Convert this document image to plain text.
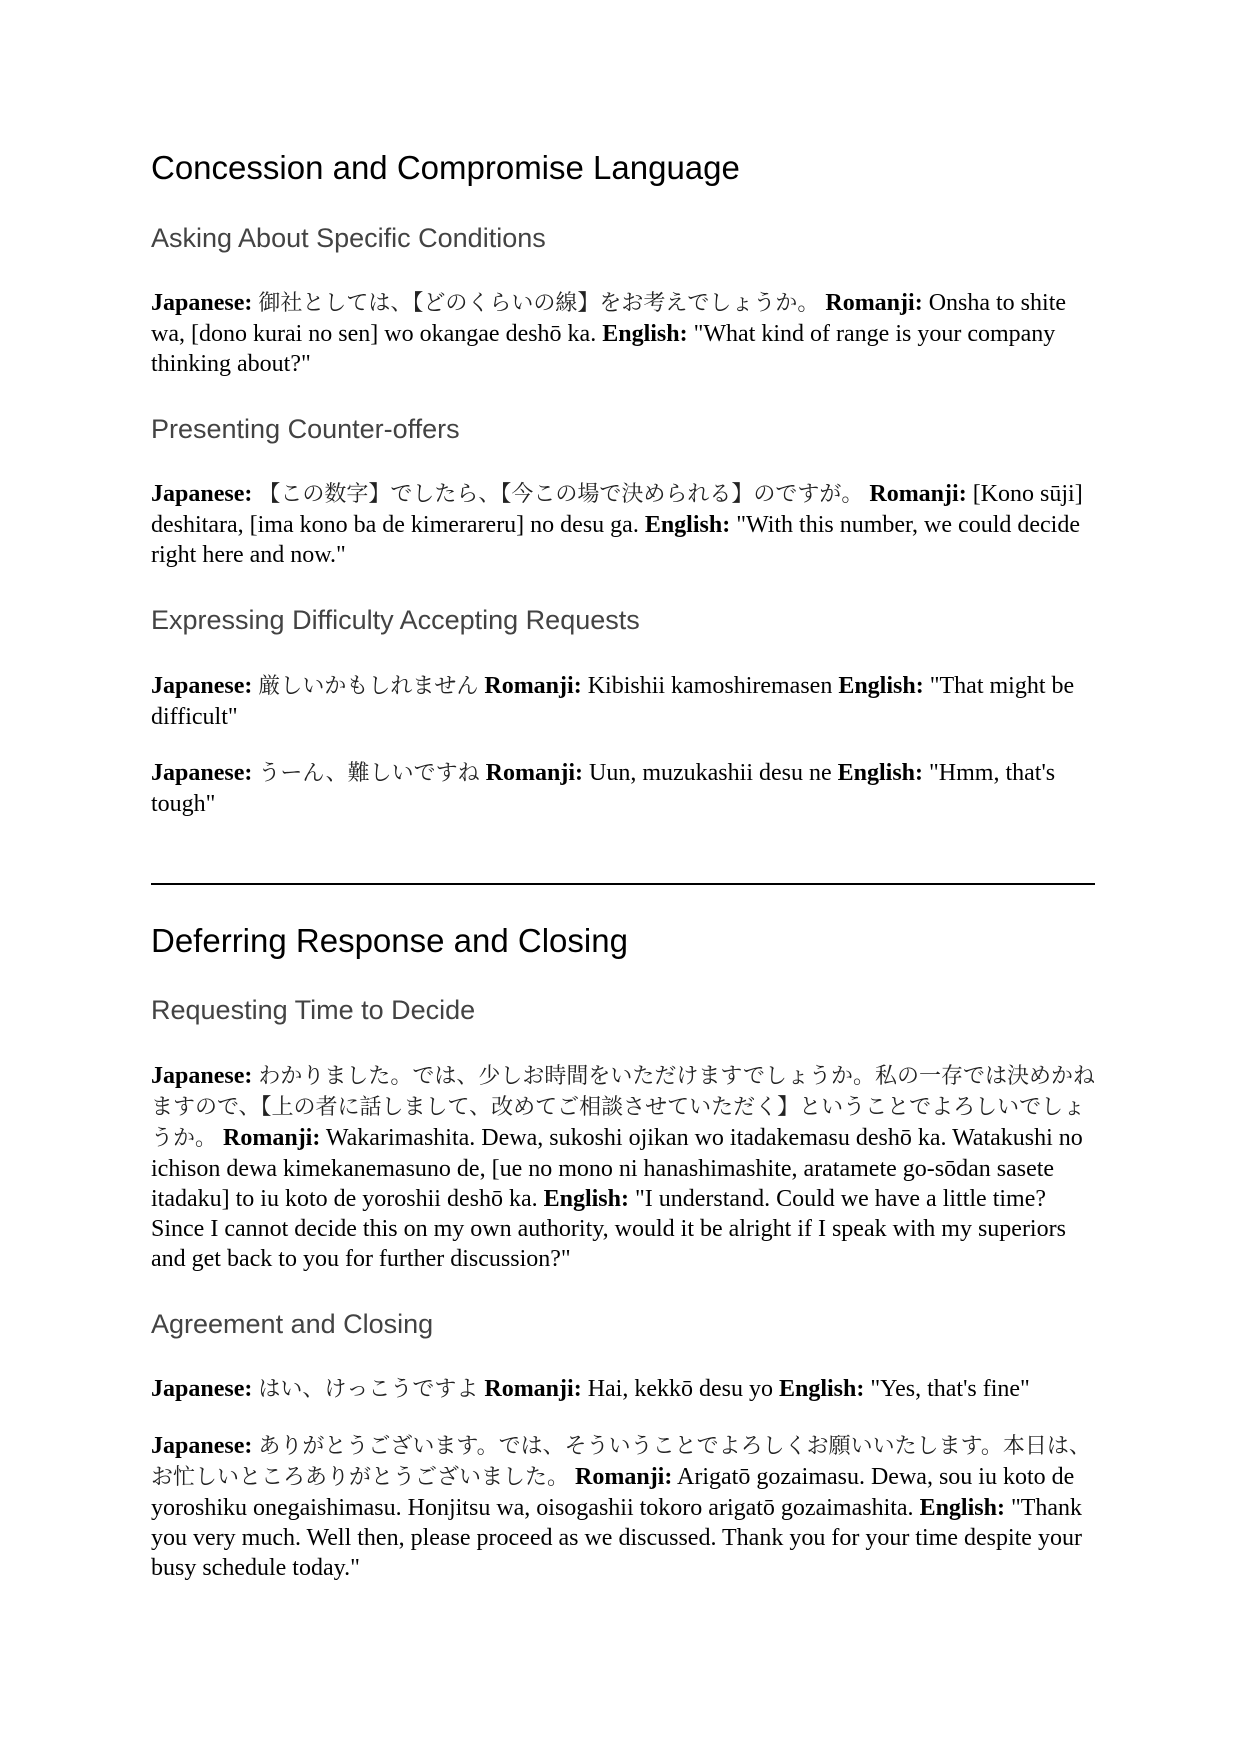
Concession and Compromise Language
Asking About Specific Conditions

Japanese: 御社としては、【どのくらいの線】をお考えでしょうか。 Romanji: Onsha to shite wa, [dono kurai no sen] wo okangae deshō ka. English: "What kind of range is your company thinking about?"

Presenting Counter-offers

Japanese: 【この数字】でしたら、【今この場で決められる】のですが。 Romanji: [Kono sūji] deshitara, [ima kono ba de kimerareru] no desu ga. English: "With this number, we could decide right here and now."

Expressing Difficulty Accepting Requests

Japanese: 厳しいかもしれません Romanji: Kibishii kamoshiremasen English: "That might be difficult"

Japanese: うーん、難しいですね Romanji: Uun, muzukashii desu ne English: "Hmm, that's tough"

Deferring Response and Closing
Requesting Time to Decide

Japanese: わかりました。では、少しお時間をいただけますでしょうか。私の一存では決めかねますので、【上の者に話しまして、改めてご相談させていただく】ということでよろしいでしょうか。 Romanji: Wakarimashita. Dewa, sukoshi ojikan wo itadakemasu deshō ka. Watakushi no ichison dewa kimekanemasuno de, [ue no mono ni hanashimashite, aratamete go-sōdan sasete itadaku] to iu koto de yoroshii deshō ka. English: "I understand. Could we have a little time? Since I cannot decide this on my own authority, would it be alright if I speak with my superiors and get back to you for further discussion?"

Agreement and Closing

Japanese: はい、けっこうですよ Romanji: Hai, kekkō desu yo English: "Yes, that's fine"

Japanese: ありがとうございます。では、そういうことでよろしくお願いいたします。本日は、お忙しいところありがとうございました。 Romanji: Arigatō gozaimasu. Dewa, sou iu koto de yoroshiku onegaishimasu. Honjitsu wa, oisogashii tokoro arigatō gozaimashita. English: "Thank you very much. Well then, please proceed as we discussed. Thank you for your time despite your busy schedule today."
